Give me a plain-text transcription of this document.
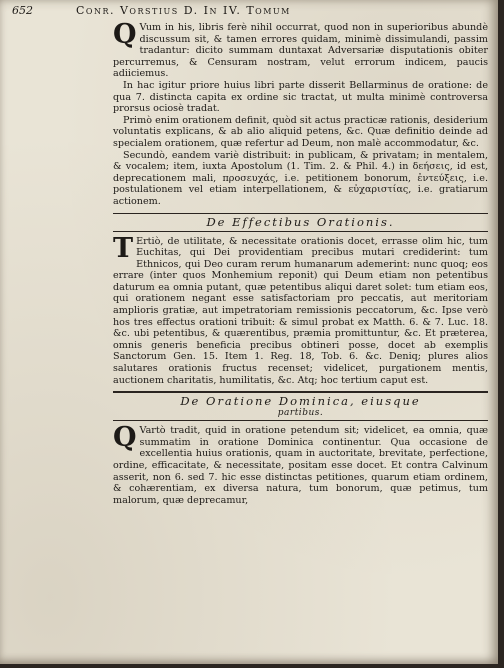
652	Conr. Vorstius D. In IV. Tomum

Q Vum in his, libris ferè nihil occurrat, quod non in superioribus abundè discussum sit, & tamen errores quidam, minimè dissimulandi, passim tradantur: dicito summam duntaxat Adversariæ disputationis obiter percurremus, & Censuram nostram, velut errorum indicem, paucis adiiciemus.

In hac igitur priore huius libri parte disserit Bellarminus de oratione: de qua 7. distincta capita ex ordine sic tractat, ut multa minimè controversa prorsus ociosè tradat.

Primò enim orationem definit, quòd sit actus practicæ rationis, desiderium voluntatis explicans, & ab alio aliquid petens, &c. Quæ definitio deinde ad specialem orationem, quæ refertur ad Deum, non malè accommodatur, &c.

Secundò, eandem variè distribuit: in publicam, & privatam; in mentalem, & vocalem; item, iuxta Apostolum (1. Tim. 2. & Phil. 4.) in δεήσεις, id est, deprecationem mali, προσευχάς, i.e. petitionem bonorum, ἐντεύξεις, i.e. postulationem vel etiam interpellationem, & εὐχαριστίας, i.e. gratiarum actionem.

De Effectibus Orationis.

T Ertiò, de utilitate, & necessitate orationis docet, errasse olim hic, tum Euchitas, qui Dei providentiam precibus mutari crediderint: tum Ethnicos, qui Deo curam rerum humanarum ademerint: nunc quoq; eos errare (inter quos Monhemium reponit) qui Deum etiam non petentibus daturum ea omnia putant, quæ petentibus aliqui daret solet: tum etiam eos, qui orationem negant esse satisfactoriam pro peccatis, aut meritoriam amplioris gratiæ, aut impetratoriam remissionis peccatorum, &c. Ipse verò hos tres effectus orationi tribuit: & simul probat ex Matth. 6. & 7. Luc. 18. &c. ubi petentibus, & quærentibus, præmia promittuntur, &c. Et præterea, omnis generis beneficia precibus obtineri posse, docet ab exemplis Sanctorum Gen. 15. Item 1. Reg. 18, Tob. 6. &c. Deniq; plures alios salutares orationis fructus recenset; videlicet, purgationem mentis, auctionem charitatis, humilitatis, &c. Atq; hoc tertium caput est.

De Oratione Dominica, eiusque
partibus.

Q Vartò tradit, quid in oratione petendum sit; videlicet, ea omnia, quæ summatim in oratione Dominica continentur. Qua occasione de excellentia huius orationis, quam in auctoritate, brevitate, perfectione, ordine, efficacitate, & necessitate, positam esse docet. Et contra Calvinum asserit, non 6. sed 7. hic esse distinctas petitiones, quarum etiam ordinem, & cohærentiam, ex diversa natura, tum bonorum, quæ petimus, tum malorum, quæ deprecamur,
